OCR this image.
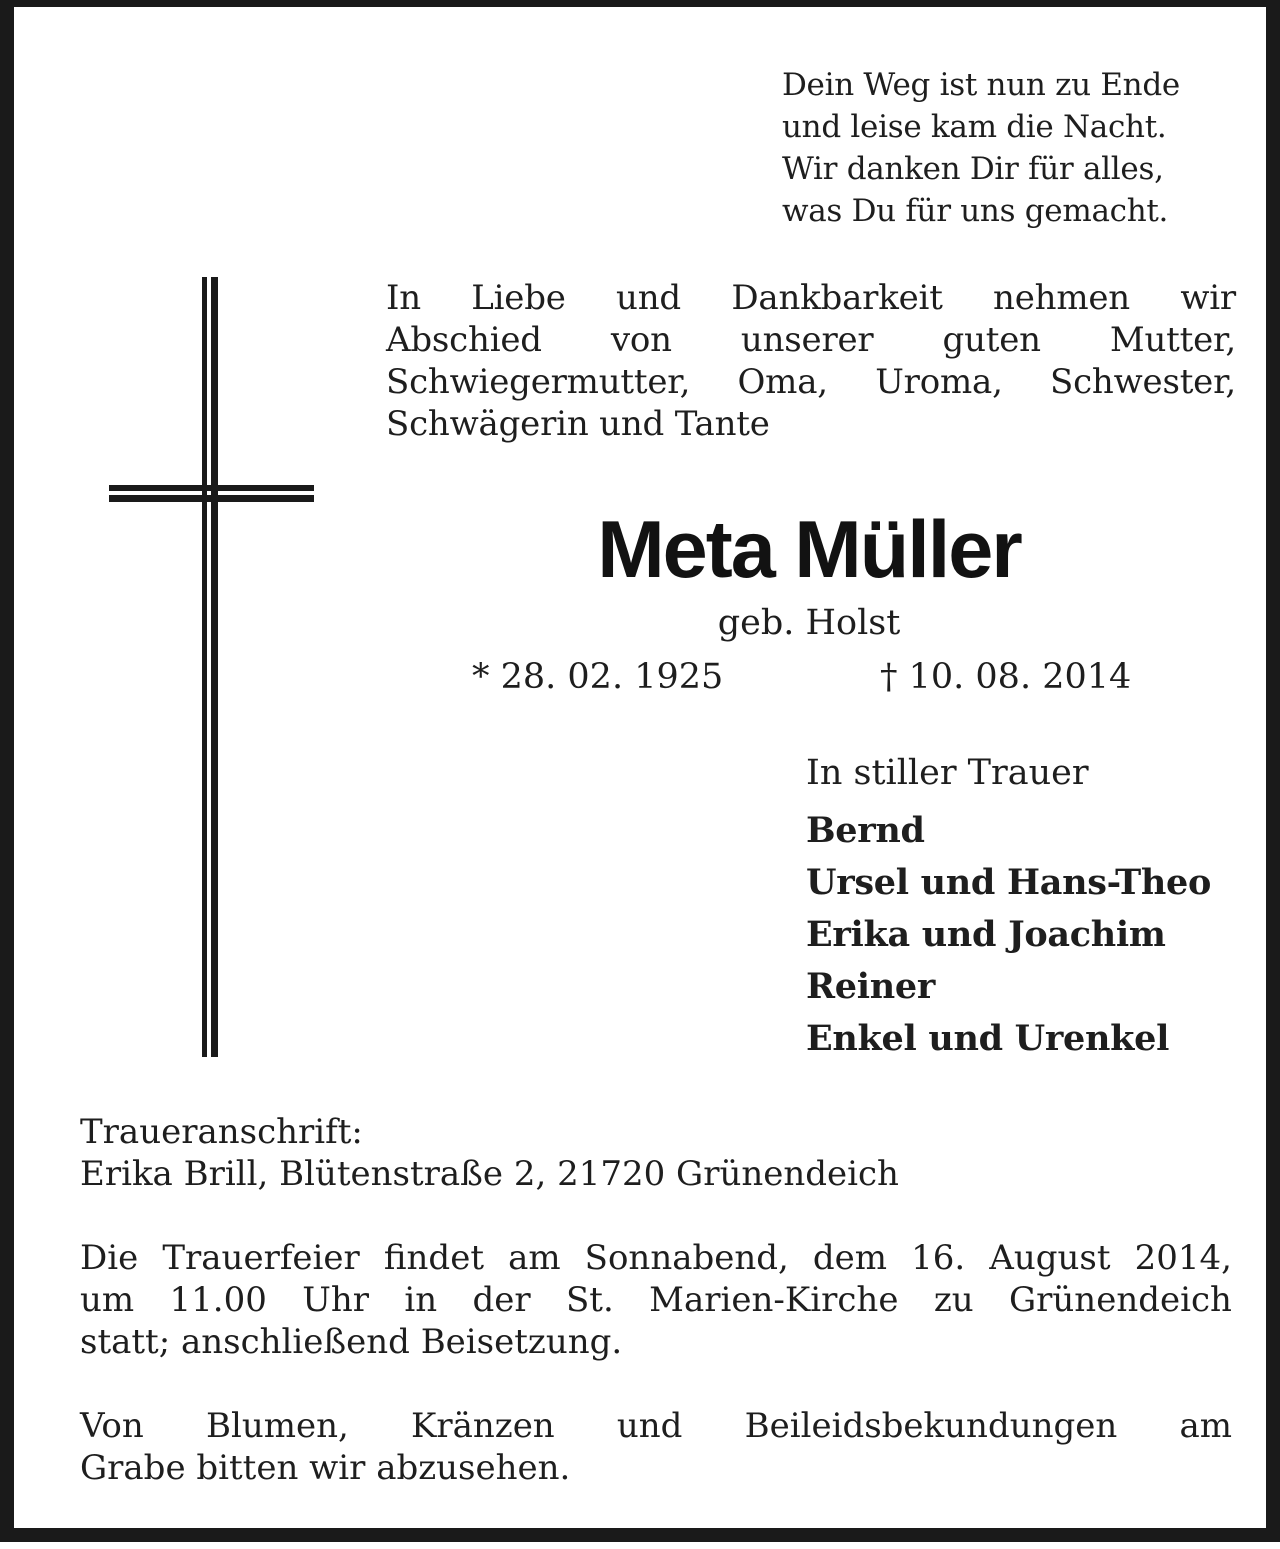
Dein Weg ist nun zu Ende
und leise kam die Nacht.
Wir danken Dir für alles,
was Du für uns gemacht.
In Liebe und Dankbarkeit nehmen wir
Abschied von unserer guten Mutter,
Schwiegermutter, Oma, Uroma, Schwester,
Schwägerin und Tante
Meta Müller
geb. Holst
* 28. 02. 1925	† 10. 08. 2014
In stiller Trauer
Bernd
Ursel und Hans-Theo
Erika und Joachim
Reiner
Enkel und Urenkel
Traueranschrift:
Erika Brill, Blütenstraße 2, 21720 Grünendeich
Die Trauerfeier findet am Sonnabend, dem 16. August 2014,
um 11.00 Uhr in der St. Marien-Kirche zu Grünendeich
statt; anschließend Beisetzung.
Von Blumen, Kränzen und Beileidsbekundungen am
Grabe bitten wir abzusehen.
